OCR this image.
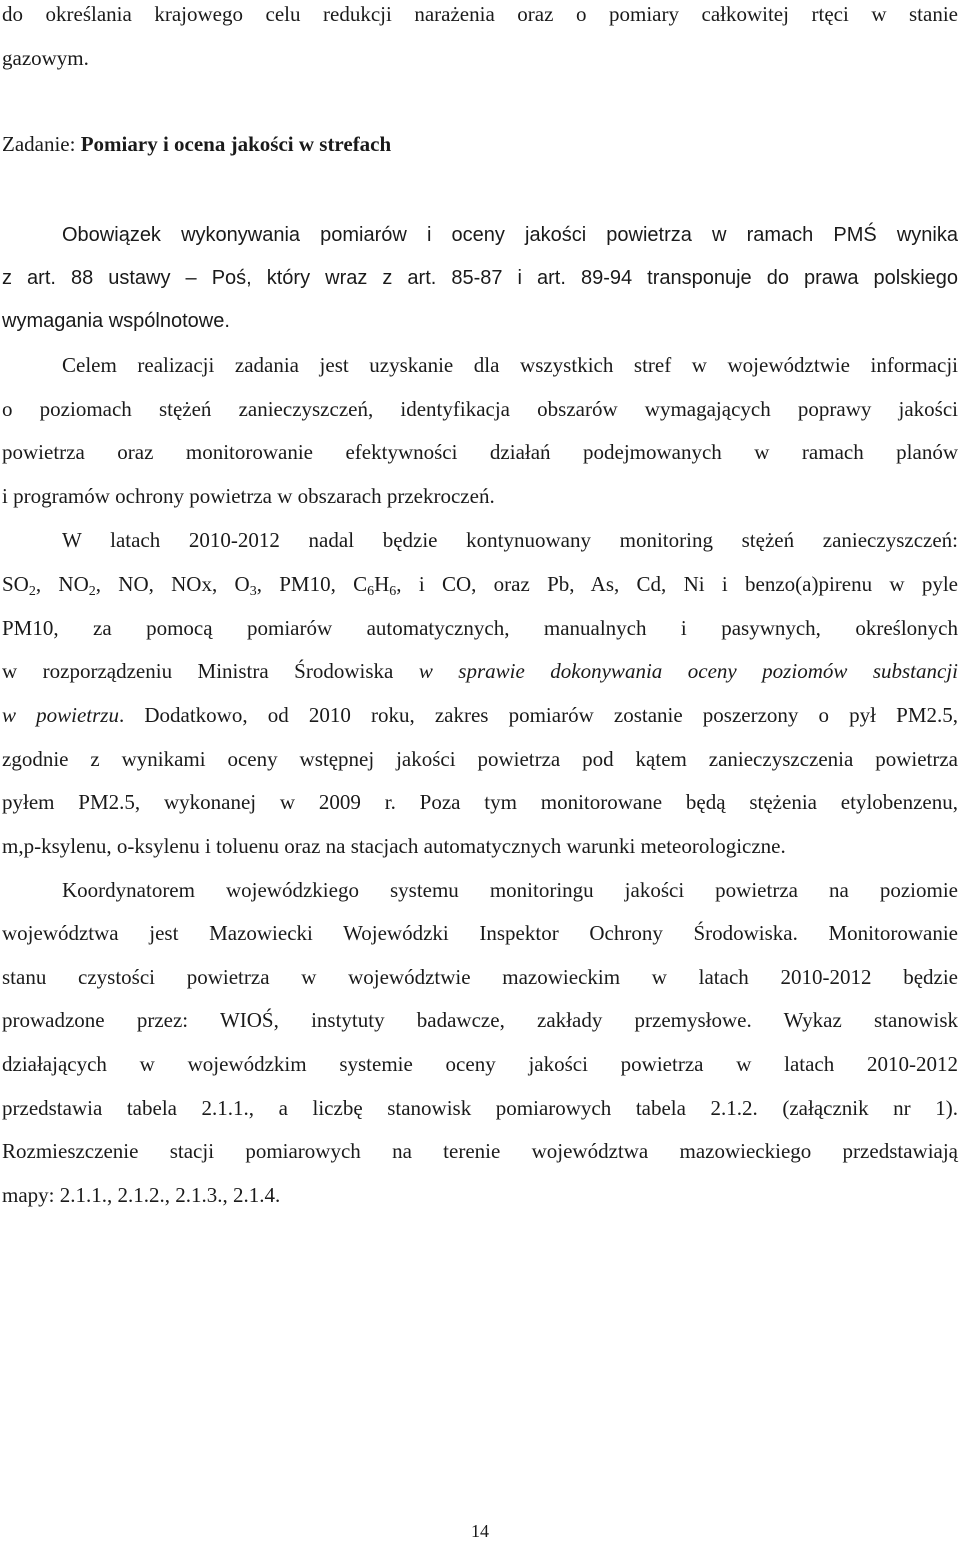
do określania krajowego celu redukcji narażenia oraz o pomiary całkowitej rtęci w stanie
gazowym.
Zadanie: Pomiary i ocena jakości w strefach
Obowiązek wykonywania pomiarów i oceny jakości powietrza w ramach PMŚ wynika
z art. 88 ustawy – Poś, który wraz z art. 85-87 i art. 89-94 transponuje do prawa polskiego
wymagania wspólnotowe.
Celem realizacji zadania jest uzyskanie dla wszystkich stref w województwie informacji
o poziomach stężeń zanieczyszczeń, identyfikacja obszarów wymagających poprawy jakości
powietrza oraz monitorowanie efektywności działań podejmowanych w ramach planów
i programów ochrony powietrza w obszarach przekroczeń.
W latach 2010-2012 nadal będzie kontynuowany monitoring stężeń zanieczyszczeń:
$SO_2$, $NO_2$, NO, NOx, $O_3$, PM10, $C_6H_6$, i CO, oraz Pb, As, Cd, Ni i benzo(a)pirenu w pyle
PM10, za pomocą pomiarów automatycznych, manualnych i pasywnych, określonych
w rozporządzeniu Ministra Środowiska w sprawie dokonywania oceny poziomów substancji
w powietrzu. Dodatkowo, od 2010 roku, zakres pomiarów zostanie poszerzony o pył PM2.5,
zgodnie z wynikami oceny wstępnej jakości powietrza pod kątem zanieczyszczenia powietrza
pyłem PM2.5, wykonanej w 2009 r. Poza tym monitorowane będą stężenia etylobenzenu,
m,p-ksylenu, o-ksylenu i toluenu oraz na stacjach automatycznych warunki meteorologiczne.
Koordynatorem wojewódzkiego systemu monitoringu jakości powietrza na poziomie
województwa jest Mazowiecki Wojewódzki Inspektor Ochrony Środowiska. Monitorowanie
stanu czystości powietrza w województwie mazowieckim w latach 2010-2012 będzie
prowadzone przez: WIOŚ, instytuty badawcze, zakłady przemysłowe. Wykaz stanowisk
działających w wojewódzkim systemie oceny jakości powietrza w latach 2010-2012
przedstawia tabela 2.1.1., a liczbę stanowisk pomiarowych tabela 2.1.2. (załącznik nr 1).
Rozmieszczenie stacji pomiarowych na terenie województwa mazowieckiego przedstawiają
mapy: 2.1.1., 2.1.2., 2.1.3., 2.1.4.
14
